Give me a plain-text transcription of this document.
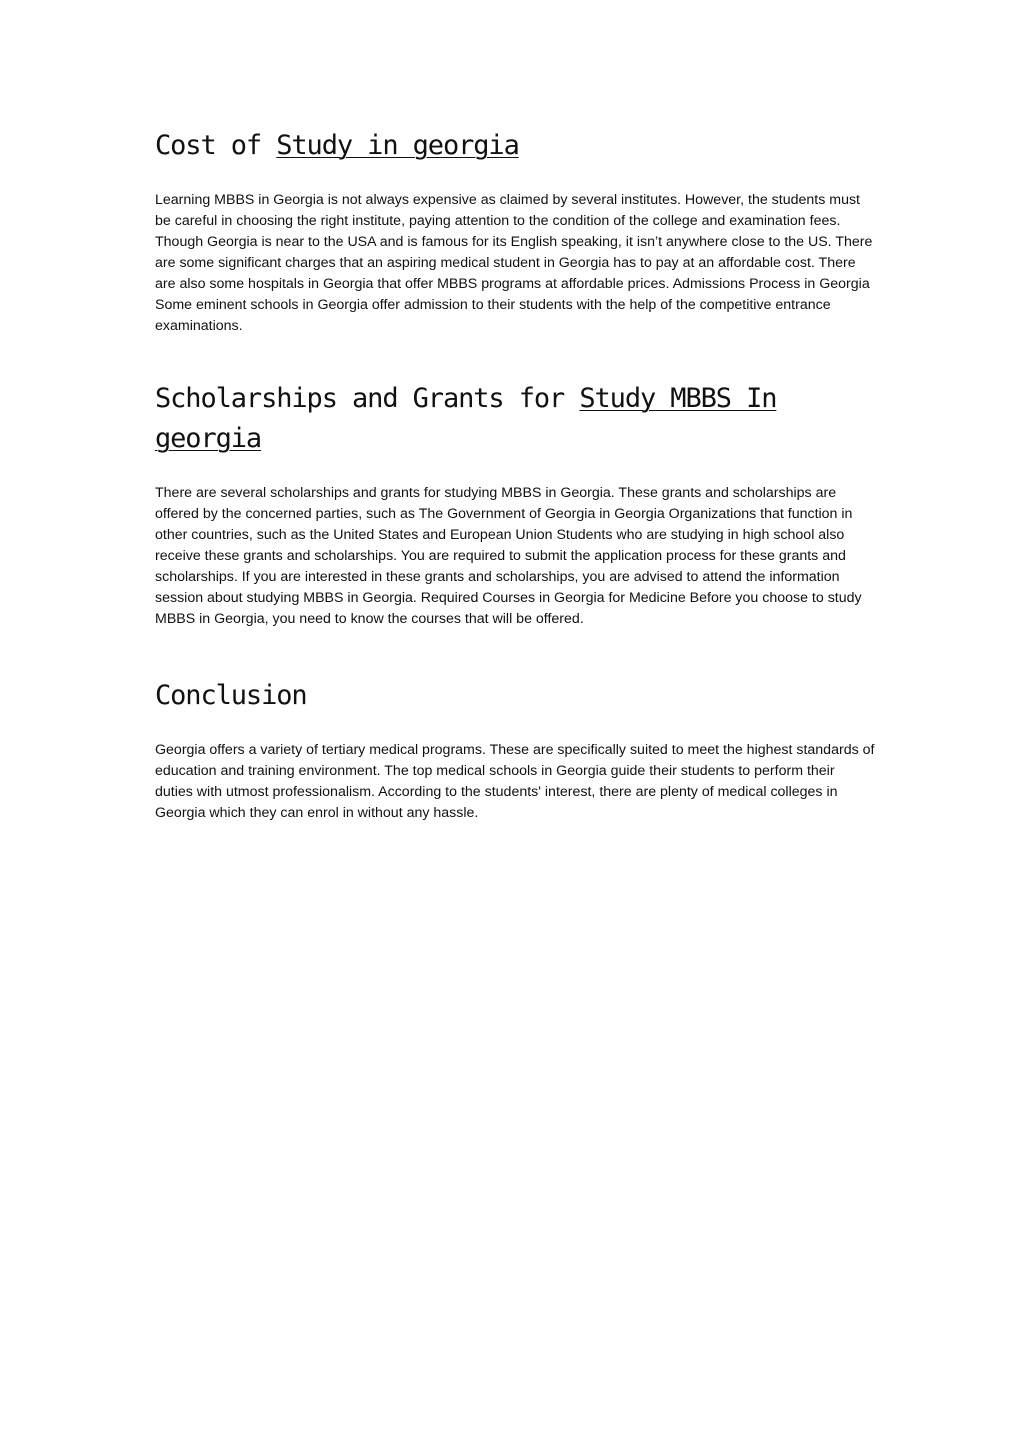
Cost of Study in georgia

Learning MBBS in Georgia is not always expensive as claimed by several institutes. However, the students must be careful in choosing the right institute, paying attention to the condition of the college and examination fees. Though Georgia is near to the USA and is famous for its English speaking, it isn’t anywhere close to the US. There are some significant charges that an aspiring medical student in Georgia has to pay at an affordable cost. There are also some hospitals in Georgia that offer MBBS programs at affordable prices. Admissions Process in Georgia Some eminent schools in Georgia offer admission to their students with the help of the competitive entrance examinations.

Scholarships and Grants for Study MBBS In georgia

There are several scholarships and grants for studying MBBS in Georgia. These grants and scholarships are offered by the concerned parties, such as The Government of Georgia in Georgia Organizations that function in other countries, such as the United States and European Union Students who are studying in high school also receive these grants and scholarships. You are required to submit the application process for these grants and scholarships. If you are interested in these grants and scholarships, you are advised to attend the information session about studying MBBS in Georgia. Required Courses in Georgia for Medicine Before you choose to study MBBS in Georgia, you need to know the courses that will be offered.

Conclusion

Georgia offers a variety of tertiary medical programs. These are specifically suited to meet the highest standards of education and training environment. The top medical schools in Georgia guide their students to perform their duties with utmost professionalism. According to the students' interest, there are plenty of medical colleges in Georgia which they can enrol in without any hassle.
